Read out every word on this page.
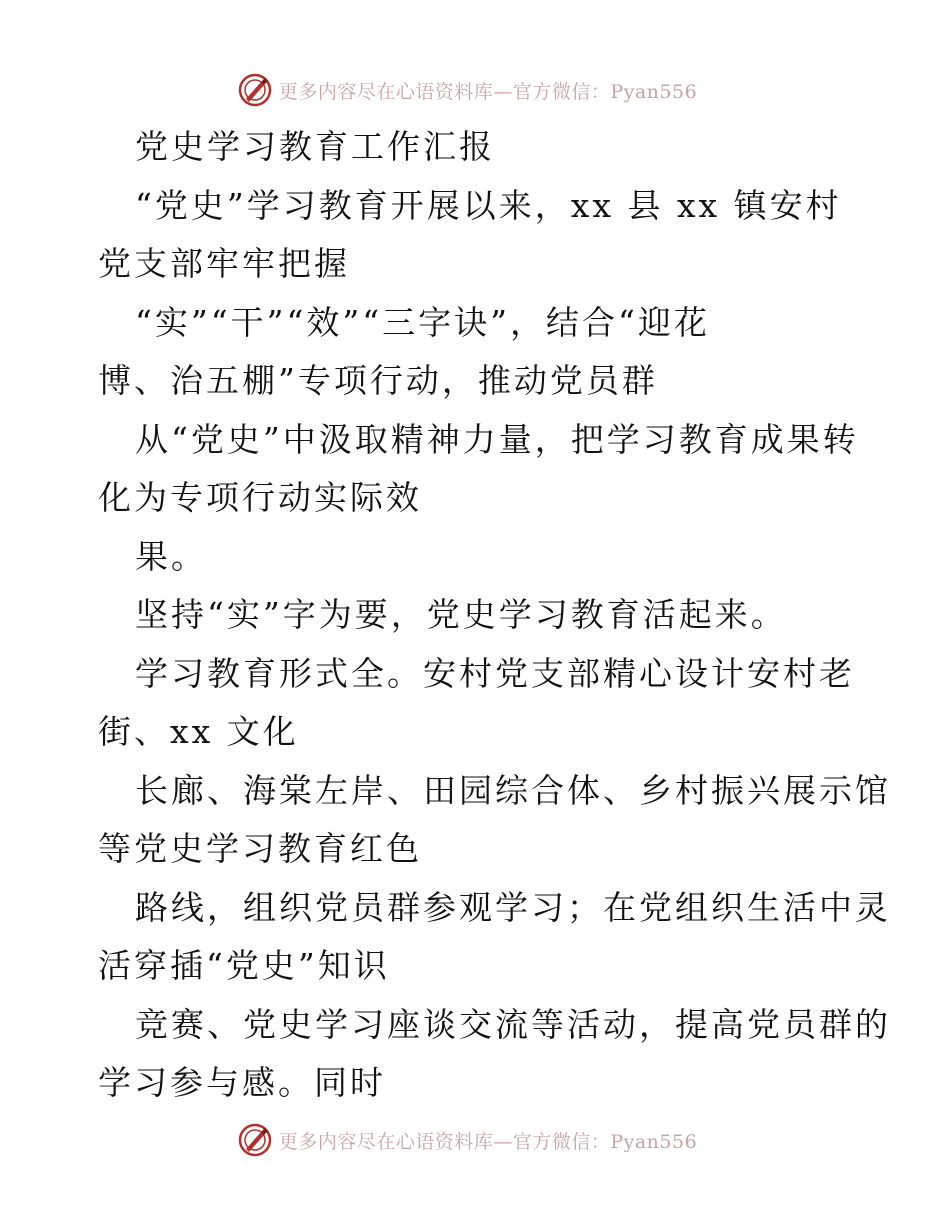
更多内容尽在心语资料库—官方微信：Pyan556
党史学习教育工作汇报
“党史”学习教育开展以来，xx 县 xx 镇安村
党支部牢牢把握
“实”“干”“效”“三字诀”，结合“迎花
博、治五棚”专项行动，推动党员群
从“党史”中汲取精神力量，把学习教育成果转
化为专项行动实际效
果。
坚持“实”字为要，党史学习教育活起来。
学习教育形式全。安村党支部精心设计安村老
街、xx 文化
长廊、海棠左岸、田园综合体、乡村振兴展示馆
等党史学习教育红色
路线，组织党员群参观学习；在党组织生活中灵
活穿插“党史”知识
竞赛、党史学习座谈交流等活动，提高党员群的
学习参与感。同时
更多内容尽在心语资料库—官方微信：Pyan556
